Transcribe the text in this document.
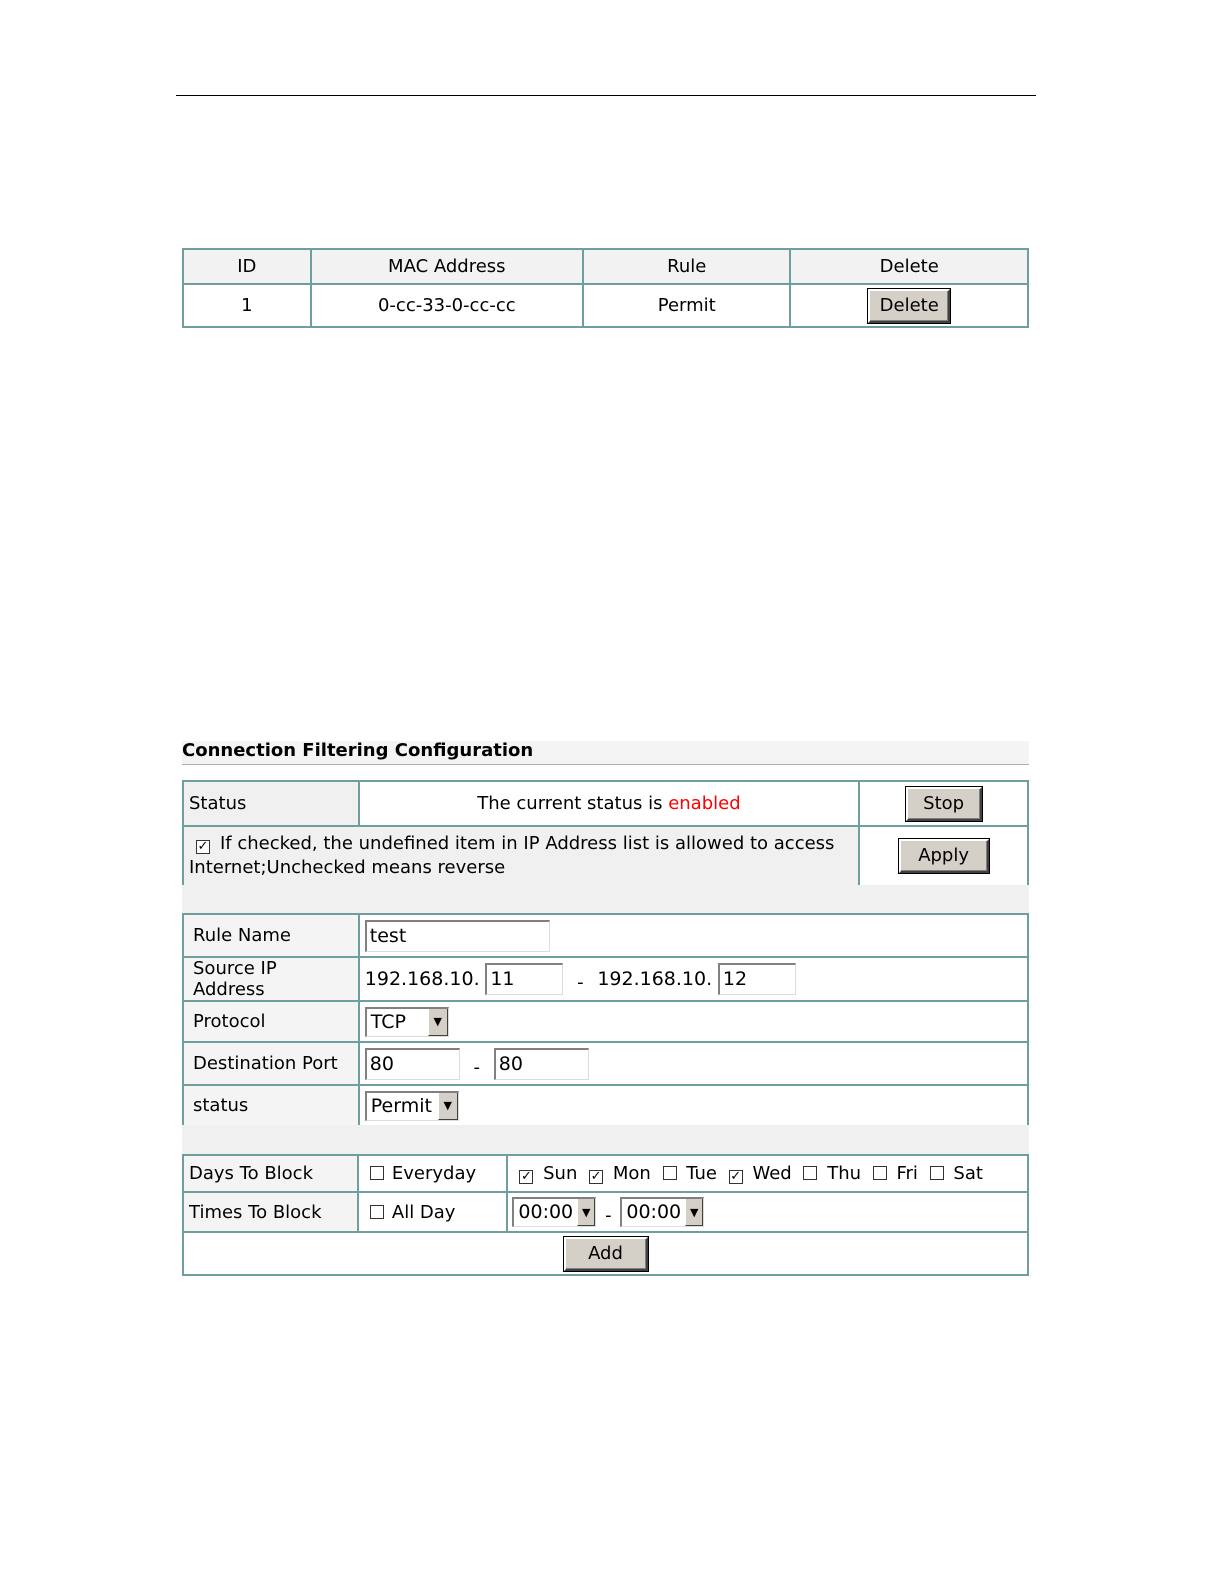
ID	MAC Address	Rule	Delete
1	0-cc-33-0-cc-cc	Permit	Delete
Connection Filtering Configuration
Status	The current status is enabled	Stop
✓ If checked, the undefined item in IP Address list is allowed to access Internet;Unchecked means reverse		Apply
Rule Name	test
Source IP Address	192.168.10. 11 - 192.168.10. 12
Protocol	TCP ▼

Destination Port	80 - 80
status	Permit ▼
Days To Block	Everyday	✓ Sun ✓ Mon Tue ✓ Wed Thu Fri Sat
Times To Block	All Day	00:00 ▼ - 00:00 ▼

Add		
